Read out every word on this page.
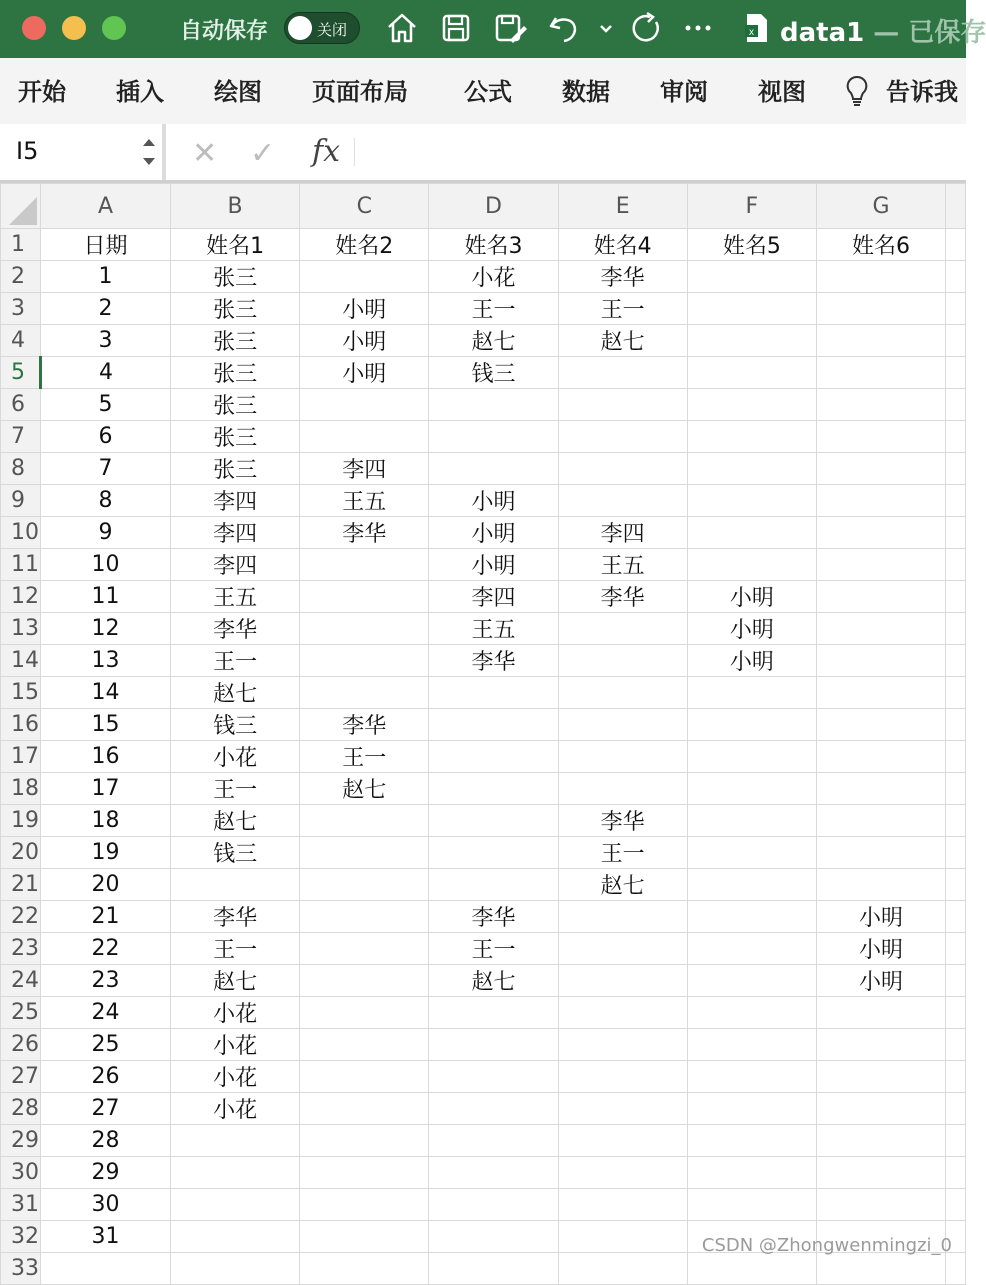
自动保存	关闭	x data1 — 已保存
开始 插入 绘图 页面布局 公式 数据 审阅 视图	告诉我
I5	✕ ✓ fx
	A	B	C	D	E	F	G	
1	日期	姓名1	姓名2	姓名3	姓名4	姓名5	姓名6	
2	1	张三		小花	李华			
3	2	张三	小明	王一	王一			
4	3	张三	小明	赵七	赵七			
5	4	张三	小明	钱三				
6	5	张三						
7	6	张三						
8	7	张三	李四					
9	8	李四	王五	小明				
10	9	李四	李华	小明	李四			
11	10	李四		小明	王五			
12	11	王五		李四	李华	小明		
13	12	李华		王五		小明		
14	13	王一		李华		小明		
15	14	赵七						
16	15	钱三	李华					
17	16	小花	王一					
18	17	王一	赵七					
19	18	赵七			李华			
20	19	钱三			王一			
21	20				赵七			
22	21	李华		李华			小明	
23	22	王一		王一			小明	
24	23	赵七		赵七			小明	
25	24	小花						
26	25	小花						
27	26	小花						
28	27	小花						
29	28							
30	29							
31	30							
32	31							
33								
CSDN @Zhongwenmingzi_0
